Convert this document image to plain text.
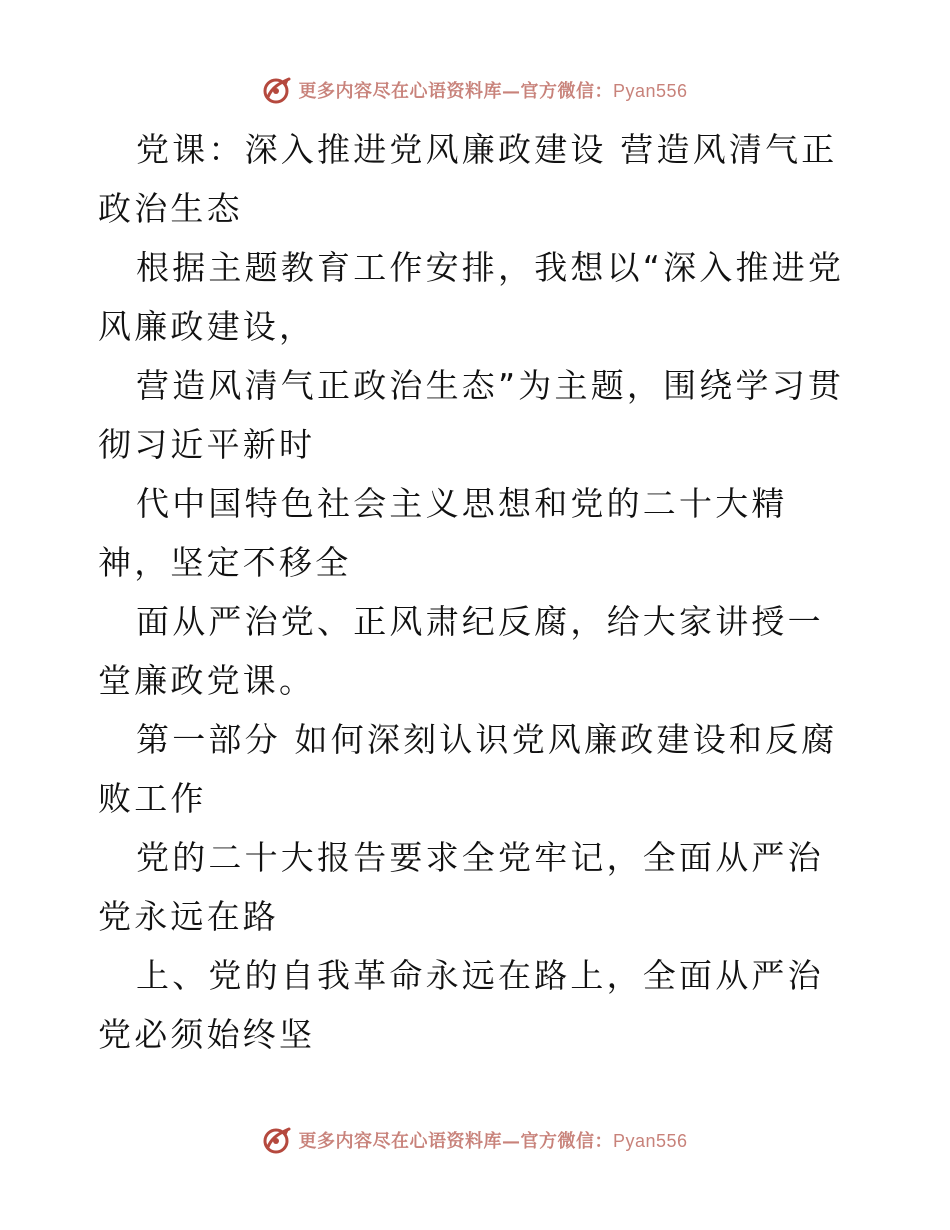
更多内容尽在心语资料库—官方微信：Pyan556

党课：深入推进党风廉政建设 营造风清气正政治生态

根据主题教育工作安排，我想以“深入推进党风廉政建设，

营造风清气正政治生态”为主题，围绕学习贯彻习近平新时

代中国特色社会主义思想和党的二十大精神，坚定不移全

面从严治党、正风肃纪反腐，给大家讲授一堂廉政党课。

第一部分 如何深刻认识党风廉政建设和反腐败工作

党的二十大报告要求全党牢记，全面从严治党永远在路

上、党的自我革命永远在路上，全面从严治党必须始终坚

更多内容尽在心语资料库—官方微信：Pyan556
